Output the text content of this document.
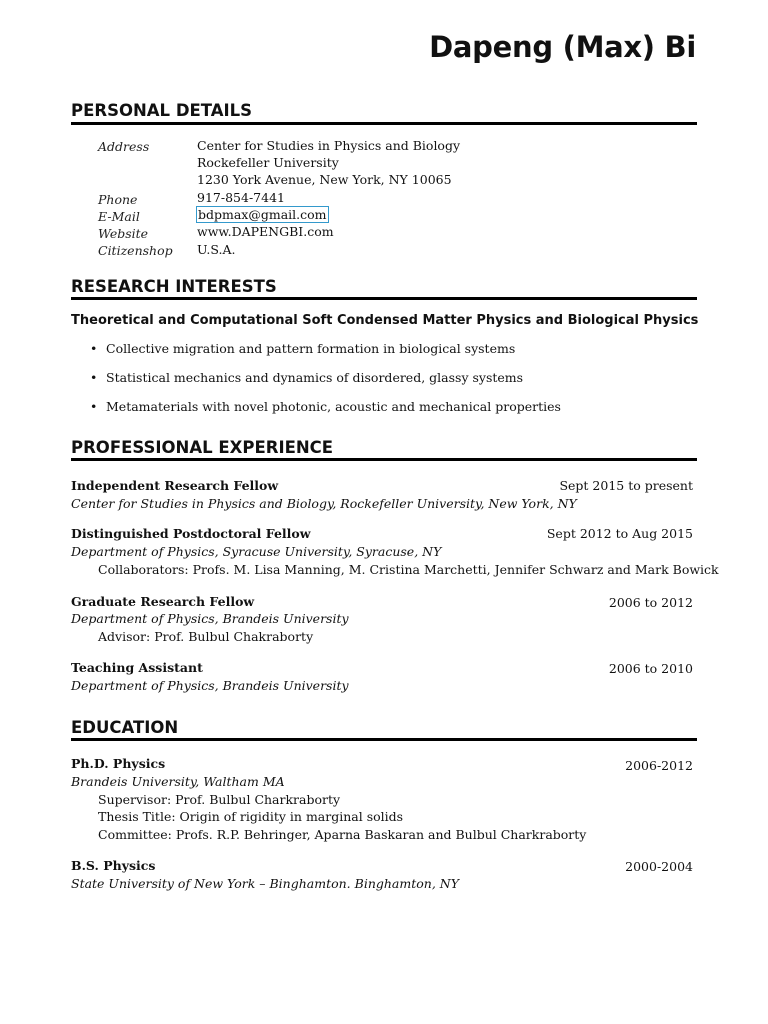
Dapeng (Max) Bi
PERSONAL DETAILS
Address	Center for Studies in Physics and Biology
Rockefeller University
1230 York Avenue, New York, NY 10065
Phone	917-854-7441
E-Mail	bdpmax@gmail.com
Website	www.DAPENGBI.com
Citizenshop U.S.A.
RESEARCH INTERESTS
Theoretical and Computational Soft Condensed Matter Physics and Biological Physics
• Collective migration and pattern formation in biological systems
• Statistical mechanics and dynamics of disordered, glassy systems
• Metamaterials with novel photonic, acoustic and mechanical properties
PROFESSIONAL EXPERIENCE
Independent Research Fellow	Sept 2015 to present
Center for Studies in Physics and Biology, Rockefeller University, New York, NY
Distinguished Postdoctoral Fellow	Sept 2012 to Aug 2015
Department of Physics, Syracuse University, Syracuse, NY
Collaborators: Profs. M. Lisa Manning, M. Cristina Marchetti, Jennifer Schwarz and Mark Bowick
Graduate Research Fellow	2006 to 2012
Department of Physics, Brandeis University
Advisor: Prof. Bulbul Chakraborty
Teaching Assistant	2006 to 2010
Department of Physics, Brandeis University
EDUCATION
Ph.D. Physics	2006-2012
Brandeis University, Waltham MA
Supervisor: Prof. Bulbul Charkraborty
Thesis Title: Origin of rigidity in marginal solids
Committee: Profs. R.P. Behringer, Aparna Baskaran and Bulbul Charkraborty
B.S. Physics	2000-2004
State University of New York – Binghamton. Binghamton, NY
